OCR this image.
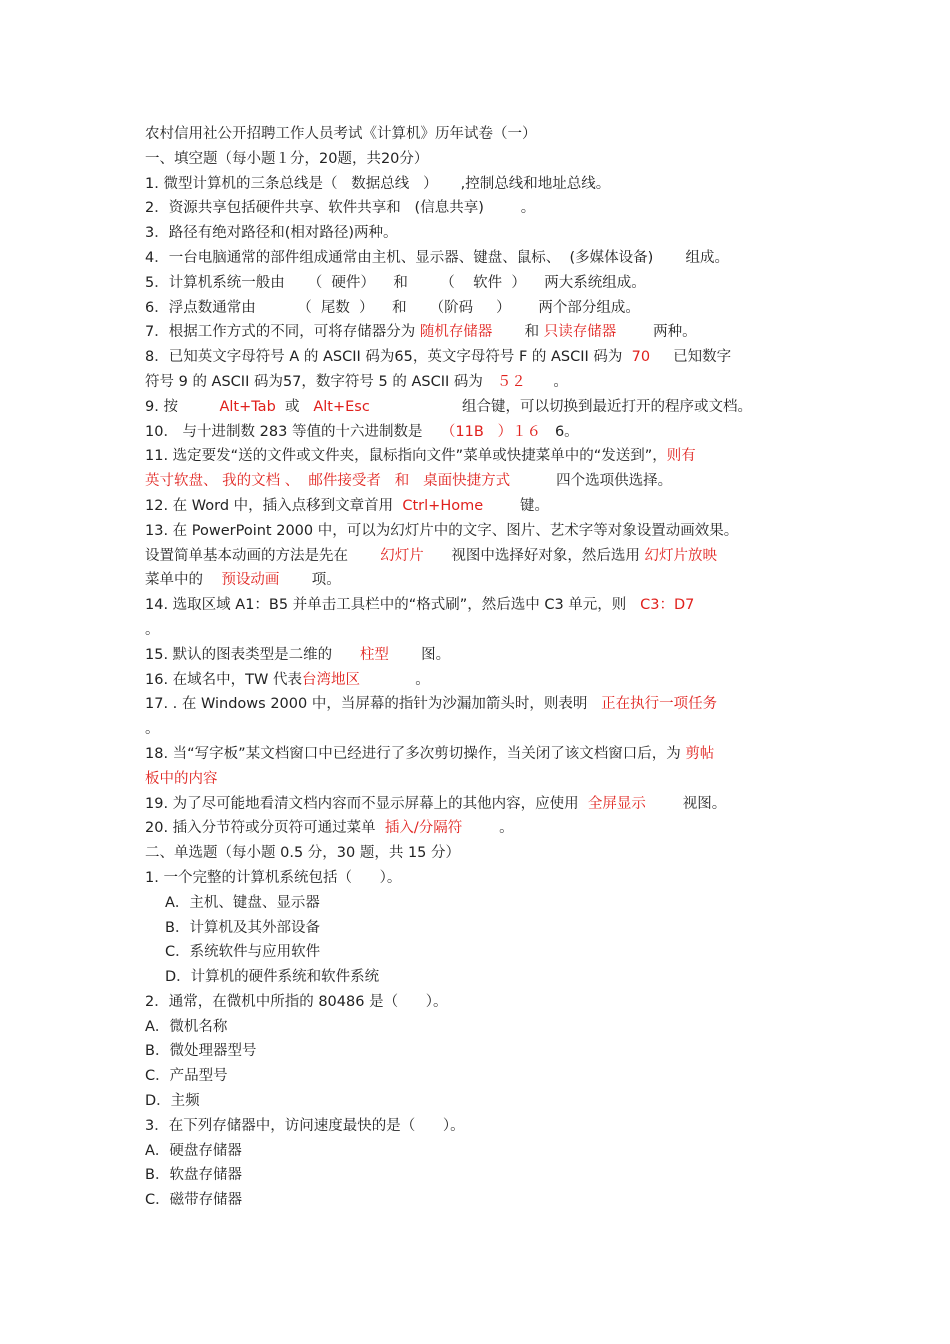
农村信用社公开招聘工作人员考试《计算机》历年试卷（一）
一、填空题（每小题１分，20题，共20分）
1. 微型计算机的三条总线是（   数据总线   ）     ,控制总线和地址总线。
2．资源共享包括硬件共享、软件共享和   (信息共享)        。
3．路径有绝对路径和(相对路径)两种。
4．一台电脑通常的部件组成通常由主机、显示器、键盘、鼠标、  (多媒体设备)       组成。
5．计算机系统一般由     （  硬件）    和       （    软件  ）    两大系统组成。
6．浮点数通常由         （  尾数  ）    和     （阶码     ）      两个部分组成。
7．根据工作方式的不同，可将存储器分为 随机存储器       和 只读存储器        两种。
8．已知英文字母符号 A 的 ASCII 码为65，英文字母符号 F 的 ASCII 码为  70     已知数字
符号 9 的 ASCII 码为57，数字符号 5 的 ASCII 码为   ５２      。
9. 按         Alt+Tab  或   Alt+Esc                    组合键，可以切换到最近打开的程序或文档。
10． 与十进制数 283 等值的十六进制数是    （11B   ）１６   6。
11. 选定要发“送的文件或文件夹，鼠标指向文件”菜单或快捷菜单中的“发送到”，则有
英寸软盘、 我的文档 、  邮件接受者   和   桌面快捷方式          四个选项供选择。
12. 在 Word 中，插入点移到文章首用  Ctrl+Home        键。
13. 在 PowerPoint 2000 中，可以为幻灯片中的文字、图片、艺术字等对象设置动画效果。
设置简单基本动画的方法是先在       幻灯片      视图中选择好对象，然后选用 幻灯片放映
菜单中的    预设动画       项。
14. 选取区域 A1：B5 并单击工具栏中的“格式刷”，然后选中 C3 单元，则   C3：D7
。
15. 默认的图表类型是二维的      柱型       图。
16. 在域名中，TW 代表台湾地区            。
17. . 在 Windows 2000 中，当屏幕的指针为沙漏加箭头时，则表明   正在执行一项任务
。
18. 当“写字板”某文档窗口中已经进行了多次剪切操作，当关闭了该文档窗口后，为 剪帖
板中的内容
19. 为了尽可能地看清文档内容而不显示屏幕上的其他内容，应使用  全屏显示        视图。
20. 插入分节符或分页符可通过菜单  插入/分隔符        。
二、单选题（每小题 0.5 分，30 题，共 15 分）
1. 一个完整的计算机系统包括（      ）。
A．主机、键盘、显示器
B．计算机及其外部设备
C．系统软件与应用软件
D．计算机的硬件系统和软件系统
2．通常，在微机中所指的 80486 是（      ）。
A．微机名称
B．微处理器型号
C．产品型号
D．主频
3．在下列存储器中，访问速度最快的是（      ）。
A．硬盘存储器
B．软盘存储器
C．磁带存储器
